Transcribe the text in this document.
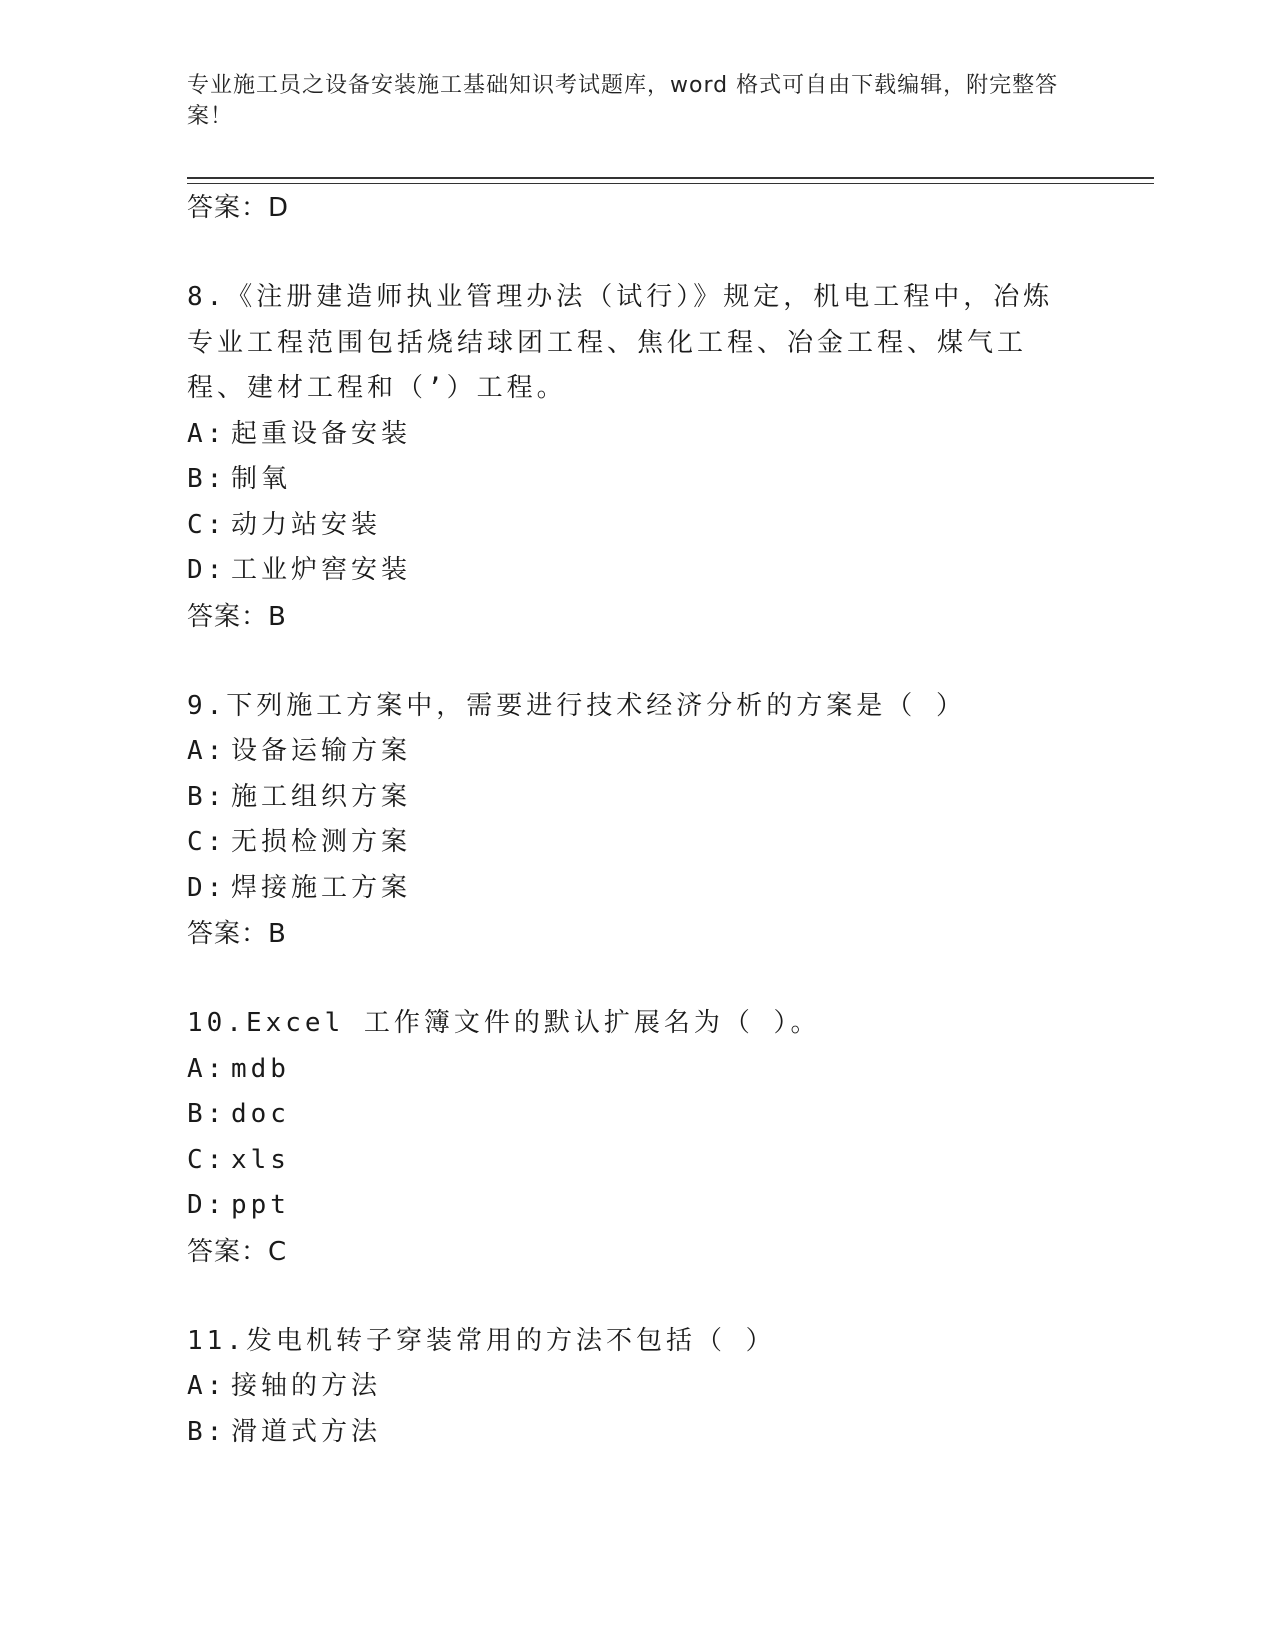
专业施工员之设备安装施工基础知识考试题库，word 格式可自由下载编辑，附完整答案！
答案：D
8.《注册建造师执业管理办法（试行）》规定，机电工程中，冶炼专业工程范围包括烧结球团工程、焦化工程、冶金工程、煤气工程、建材工程和（’）工程。
A: 起重设备安装
B: 制氧
C: 动力站安装
D: 工业炉窖安装
答案：B
9.下列施工方案中，需要进行技术经济分析的方案是（ ）
A: 设备运输方案
B: 施工组织方案
C: 无损检测方案
D: 焊接施工方案
答案：B
10.Excel 工作簿文件的默认扩展名为（ ）。
A: mdb
B: doc
C: xls
D: ppt
答案：C
11.发电机转子穿装常用的方法不包括（ ）
A: 接轴的方法
B: 滑道式方法
